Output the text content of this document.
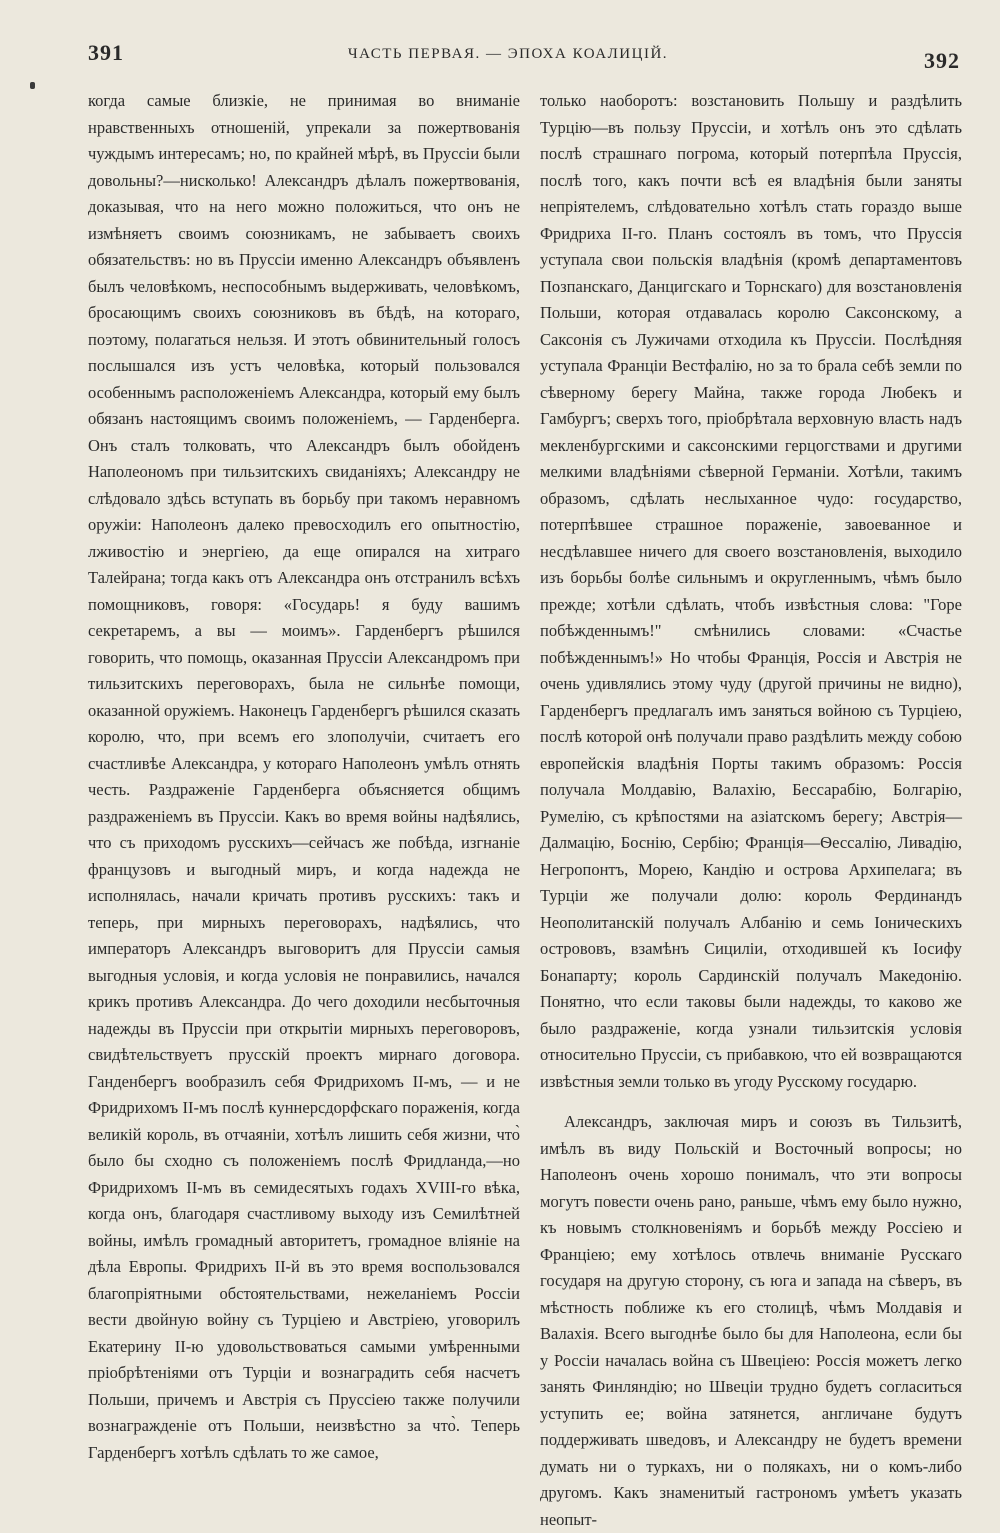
391	ЧАСТЬ ПЕРВАЯ. — ЭПОХА КОАЛИЦІЙ.	392

когда самые близкіе, не принимая во вниманіе нравственныхъ отношеній, упрекали за пожертвованія чуждымъ интересамъ; но, по крайней мѣрѣ, въ Пруссіи были довольны?—нисколько! Александръ дѣлалъ пожертвованія, доказывая, что на него можно положиться, что онъ не измѣняетъ своимъ союзникамъ, не забываетъ своихъ обязательствъ: но въ Пруссіи именно Александръ объявленъ былъ человѣкомъ, неспособнымъ выдерживать, человѣкомъ, бросающимъ своихъ союзниковъ въ бѣдѣ, на котораго, поэтому, полагаться нельзя. И этотъ обвинительный голосъ послышался изъ устъ человѣка, который пользовался особеннымъ расположеніемъ Александра, который ему былъ обязанъ настоящимъ своимъ положеніемъ, — Гарденберга. Онъ сталъ толковать, что Александръ былъ обойденъ Наполеономъ при тильзитскихъ свиданіяхъ; Александру не слѣдовало здѣсь вступать въ борьбу при такомъ неравномъ оружіи: Наполеонъ далеко превосходилъ его опытностію, лживостію и энергіею, да еще опирался на хитраго Талейрана; тогда какъ отъ Александра онъ отстранилъ всѣхъ помощниковъ, говоря: «Государь! я буду вашимъ секретаремъ, а вы — моимъ». Гарденбергъ рѣшился говорить, что помощь, оказанная Пруссіи Александромъ при тильзитскихъ переговорахъ, была не сильнѣе помощи, оказанной оружіемъ. Наконецъ Гарденбергъ рѣшился сказать королю, что, при всемъ его злополучіи, считаетъ его счастливѣе Александра, у котораго Наполеонъ умѣлъ отнять честь. Раздраженіе Гарденберга объясняется общимъ раздраженіемъ въ Пруссіи. Какъ во время войны надѣялись, что съ приходомъ русскихъ—сейчасъ же побѣда, изгнаніе французовъ и выгодный миръ, и когда надежда не исполнялась, начали кричать противъ русскихъ: такъ и теперь, при мирныхъ переговорахъ, надѣялись, что императоръ Александръ выговоритъ для Пруссіи самыя выгодныя условія, и когда условія не понравились, начался крикъ противъ Александра. До чего доходили несбыточныя надежды въ Пруссіи при открытіи мирныхъ переговоровъ, свидѣтельствуетъ прусскій проектъ мирнаго договора. Ганденбергъ вообразилъ себя Фридрихомъ II-мъ, — и не Фридрихомъ II-мъ послѣ куннерсдорфскаго пораженія, когда великій король, въ отчаяніи, хотѣлъ лишить себя жизни, что̀ было бы сходно съ положеніемъ послѣ Фридланда,—но Фридрихомъ II-мъ въ семидесятыхъ годахъ XVIII-го вѣка, когда онъ, благодаря счастливому выходу изъ Семилѣтней войны, имѣлъ громадный авторитетъ, громадное вліяніе на дѣла Европы. Фридрихъ II-й въ это время воспользовался благопріятными обстоятельствами, нежеланіемъ Россіи вести двойную войну съ Турціею и Австріею, уговорилъ Екатерину II-ю удовольствоваться самыми умѣренными пріобрѣтеніями отъ Турціи и вознаградить себя насчетъ Польши, причемъ и Австрія съ Пруссіею также получили вознагражденіе отъ Польши, неизвѣстно за что̀. Теперь Гарденбергъ хотѣлъ сдѣлать то же самое,

только наоборотъ: возстановить Польшу и раздѣлить Турцію—въ пользу Пруссіи, и хотѣлъ онъ это сдѣлать послѣ страшнаго погрома, который потерпѣла Пруссія, послѣ того, какъ почти всѣ ея владѣнія были заняты непріятелемъ, слѣдовательно хотѣлъ стать гораздо выше Фридриха II-го. Планъ состоялъ въ томъ, что Пруссія уступала свои польскія владѣнія (кромѣ департаментовъ Позпанскаго, Данцигскаго и Торнскаго) для возстановленія Польши, которая отдавалась королю Саксонскому, а Саксонія съ Лужичами отходила къ Пруссіи. Послѣдняя уступала Франціи Вестфалію, но за то брала себѣ земли по сѣверному берегу Майна, также города Любекъ и Гамбургъ; сверхъ того, пріобрѣтала верховную власть надъ мекленбургскими и саксонскими герцогствами и другими мелкими владѣніями сѣверной Германіи. Хотѣли, такимъ образомъ, сдѣлать неслыханное чудо: государство, потерпѣвшее страшное пораженіе, завоеванное и несдѣлавшее ничего для своего возстановленія, выходило изъ борьбы болѣе сильнымъ и округленнымъ, чѣмъ было прежде; хотѣли сдѣлать, чтобъ извѣстныя слова: "Горе побѣжденнымъ!" смѣнились словами: «Счастье побѣжденнымъ!» Но чтобы Франція, Россія и Австрія не очень удивлялись этому чуду (другой причины не видно), Гарденбергъ предлагалъ имъ заняться войною съ Турціею, послѣ которой онѣ получали право раздѣлить между собою европейскія владѣнія Порты такимъ образомъ: Россія получала Молдавію, Валахію, Бессарабію, Болгарію, Румелію, съ крѣпостями на азіатскомъ берегу; Австрія—Далмацію, Боснію, Сербію; Франція—Ѳессалію, Ливадію, Негропонтъ, Морею, Кандію и острова Архипелага; въ Турціи же получали долю: король Фердинандъ Неополитанскій получалъ Албанію и семь Іоническихъ острововъ, взамѣнъ Сициліи, отходившей къ Іосифу Бонапарту; король Сардинскій получалъ Македонію. Понятно, что если таковы были надежды, то каково же было раздраженіе, когда узнали тильзитскія условія относительно Пруссіи, съ прибавкою, что ей возвращаются извѣстныя земли только въ угоду Русскому государю.

Александръ, заключая миръ и союзъ въ Тильзитѣ, имѣлъ въ виду Польскій и Восточный вопросы; но Наполеонъ очень хорошо понималъ, что эти вопросы могутъ повести очень рано, раньше, чѣмъ ему было нужно, къ новымъ столкновеніямъ и борьбѣ между Россіею и Франціею; ему хотѣлось отвлечь вниманіе Русскаго государя на другую сторону, съ юга и запада на сѣверъ, въ мѣстность поближе къ его столицѣ, чѣмъ Молдавія и Валахія. Всего выгоднѣе было бы для Наполеона, если бы у Россіи началась война съ Швеціею: Россія можетъ легко занять Финляндію; но Швеціи трудно будетъ согласиться уступить ее; война затянется, англичане будутъ поддерживать шведовъ, и Александру не будетъ времени думать ни о туркахъ, ни о полякахъ, ни о комъ-либо другомъ. Какъ знаменитый гастрономъ умѣетъ указать неопыт-
